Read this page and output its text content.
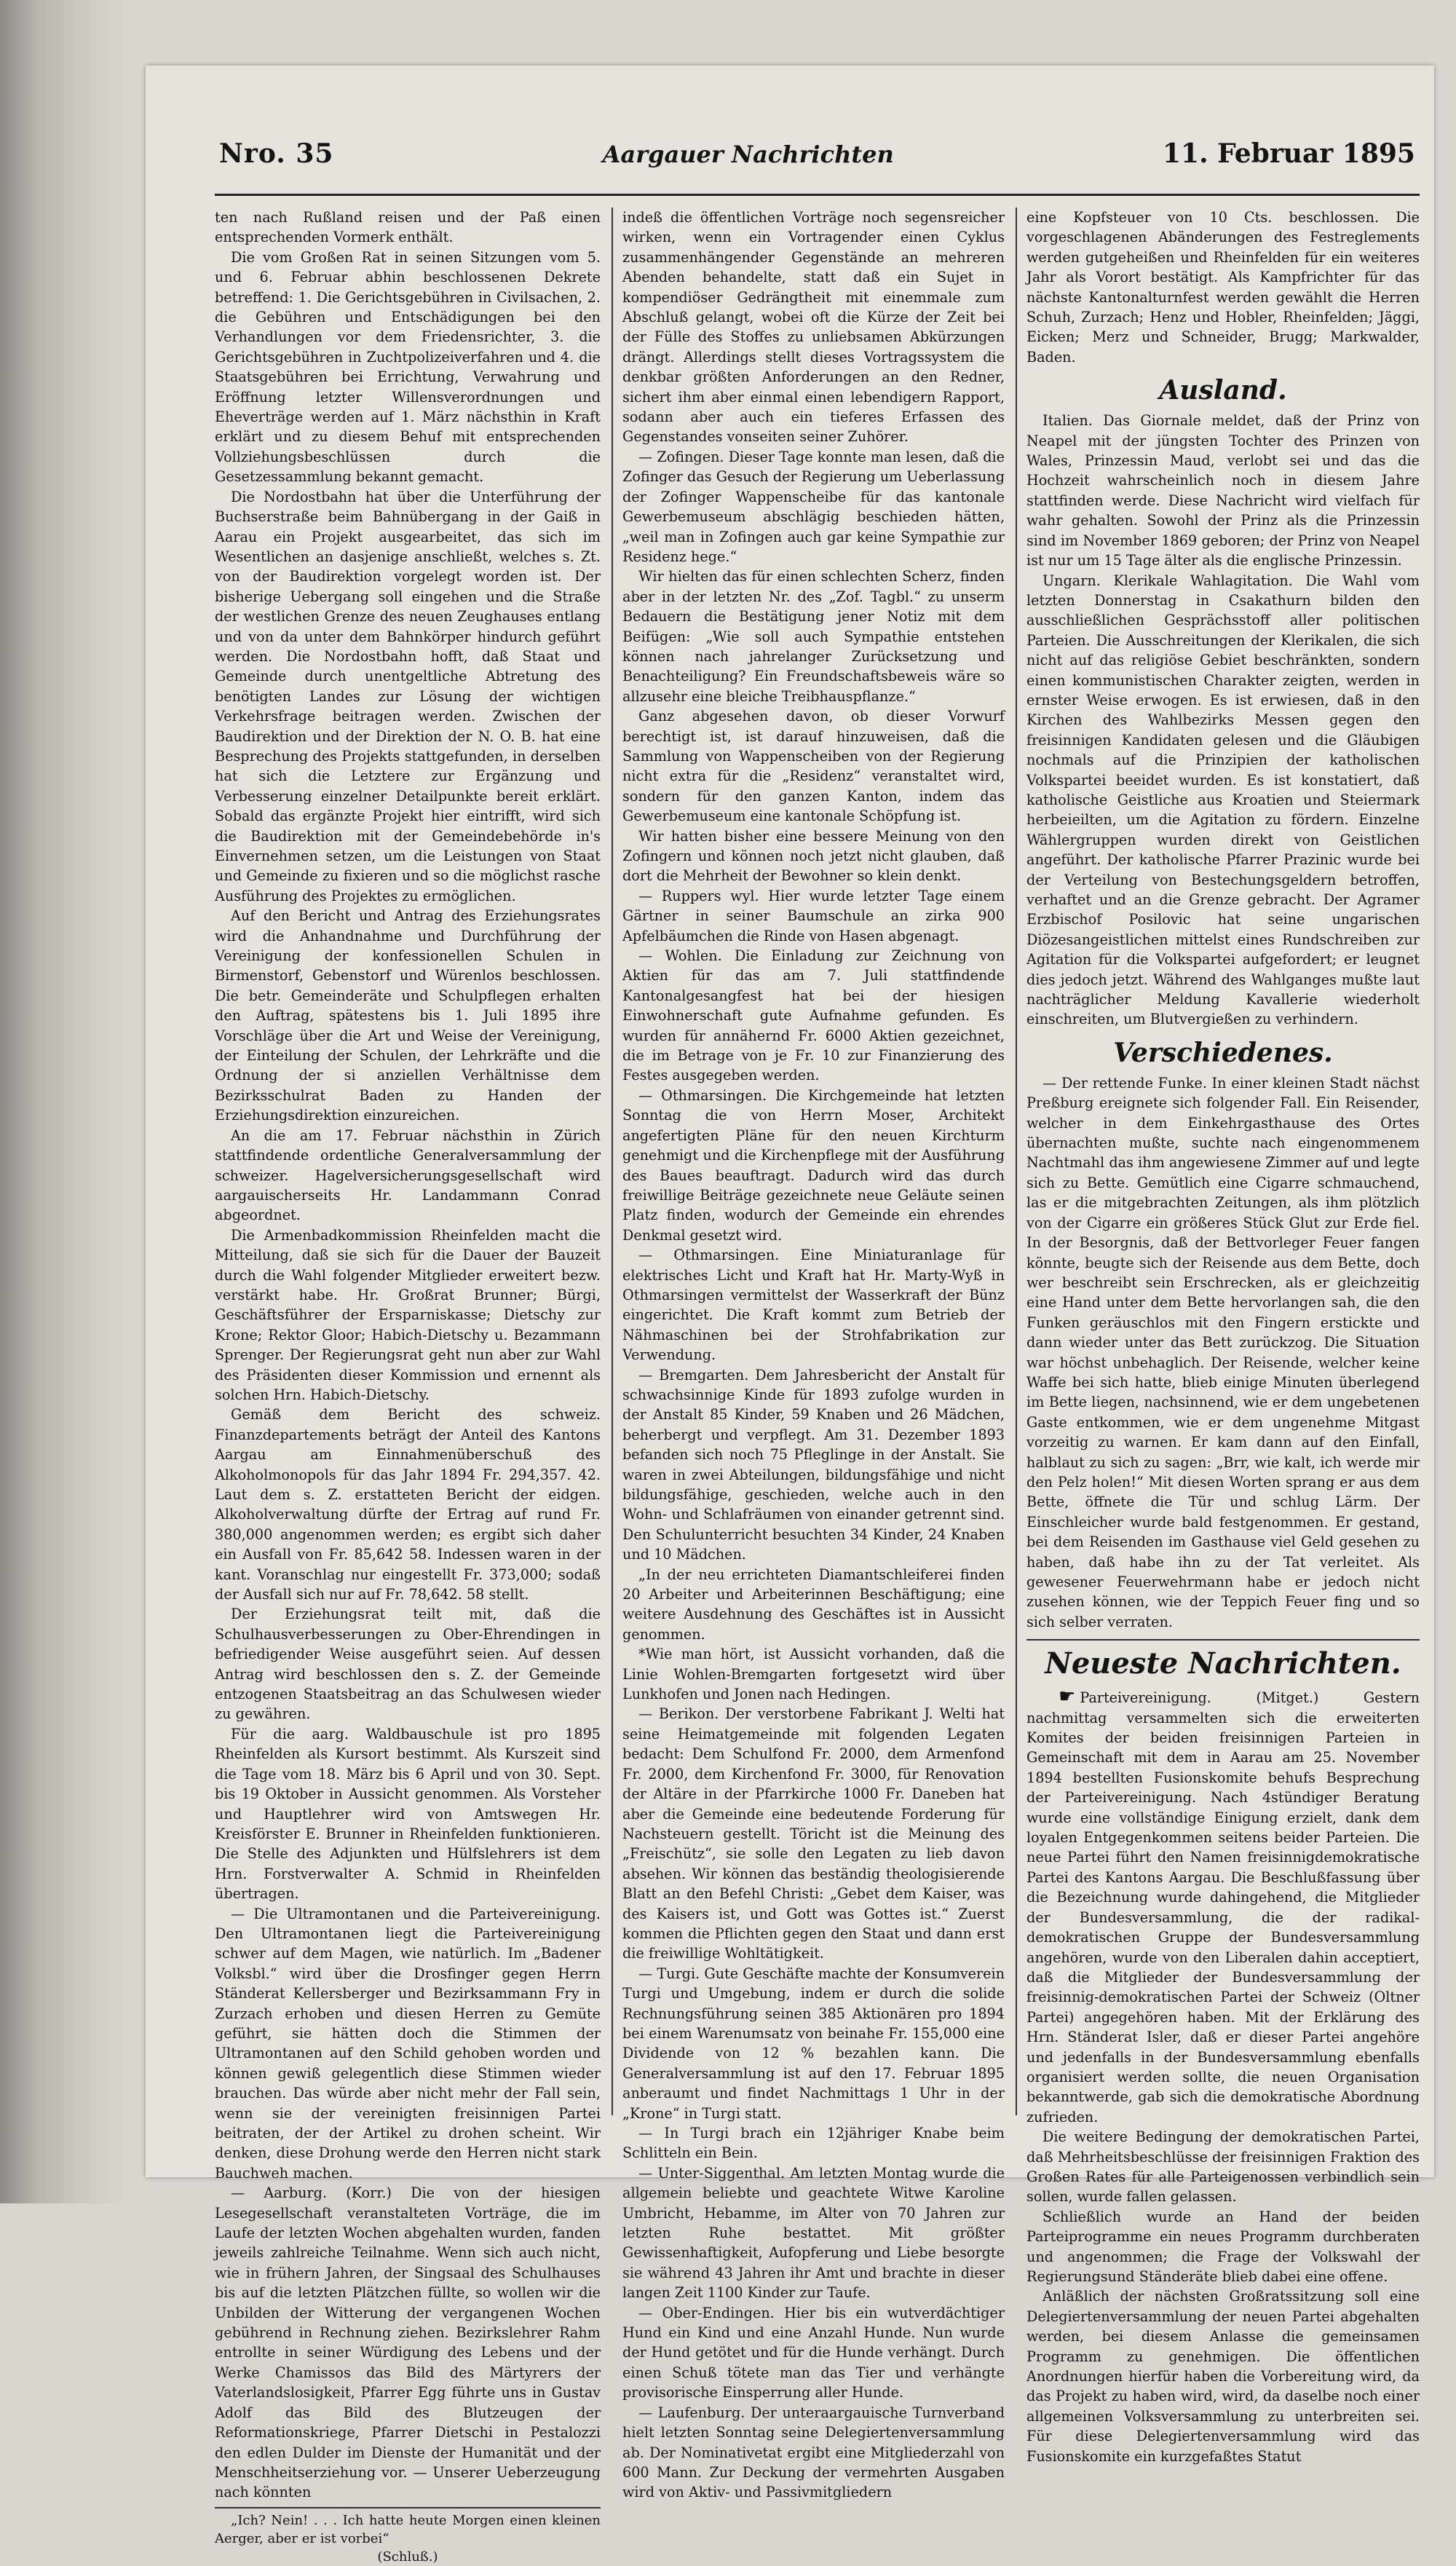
Nro. 35	Aargauer Nachrichten	11. Februar 1895

ten nach Rußland reisen und der Paß einen entsprechenden Vormerk enthält.

Die vom Großen Rat in seinen Sitzungen vom 5. und 6. Februar abhin beschlossenen Dekrete betreffend: 1. Die Gerichtsgebühren in Civilsachen, 2. die Gebühren und Entschädigungen bei den Verhandlungen vor dem Friedensrichter, 3. die Gerichtsgebühren in Zuchtpolizeiverfahren und 4. die Staatsgebühren bei Errichtung, Verwahrung und Eröffnung letzter Willensverordnungen und Eheverträge werden auf 1. März nächsthin in Kraft erklärt und zu diesem Behuf mit entsprechenden Vollziehungsbeschlüssen durch die Gesetzessammlung bekannt gemacht.

Die Nordostbahn hat über die Unterführung der Buchserstraße beim Bahnübergang in der Gaiß in Aarau ein Projekt ausgearbeitet, das sich im Wesentlichen an dasjenige anschließt, welches s. Zt. von der Baudirektion vorgelegt worden ist. Der bisherige Uebergang soll eingehen und die Straße der westlichen Grenze des neuen Zeughauses entlang und von da unter dem Bahnkörper hindurch geführt werden. Die Nordostbahn hofft, daß Staat und Gemeinde durch unentgeltliche Abtretung des benötigten Landes zur Lösung der wichtigen Verkehrsfrage beitragen werden. Zwischen der Baudirektion und der Direktion der N. O. B. hat eine Besprechung des Projekts stattgefunden, in derselben hat sich die Letztere zur Ergänzung und Verbesserung einzelner Detailpunkte bereit erklärt. Sobald das ergänzte Projekt hier eintrifft, wird sich die Baudirektion mit der Gemeindebehörde in's Einvernehmen setzen, um die Leistungen von Staat und Gemeinde zu fixieren und so die möglichst rasche Ausführung des Projektes zu ermöglichen.

Auf den Bericht und Antrag des Erziehungsrates wird die Anhandnahme und Durchführung der Vereinigung der konfessionellen Schulen in Birmenstorf, Gebenstorf und Würenlos beschlossen. Die betr. Gemeinderäte und Schulpflegen erhalten den Auftrag, spätestens bis 1. Juli 1895 ihre Vorschläge über die Art und Weise der Vereinigung, der Einteilung der Schulen, der Lehrkräfte und die Ordnung der si anziellen Verhältnisse dem Bezirksschulrat Baden zu Handen der Erziehungsdirektion einzureichen.

An die am 17. Februar nächsthin in Zürich stattfindende ordentliche Generalversammlung der schweizer. Hagelversicherungsgesellschaft wird aargauischerseits Hr. Landammann Conrad abgeordnet.

Die Armenbadkommission Rheinfelden macht die Mitteilung, daß sie sich für die Dauer der Bauzeit durch die Wahl folgender Mitglieder erweitert bezw. verstärkt habe. Hr. Großrat Brunner; Bürgi, Geschäftsführer der Ersparniskasse; Dietschy zur Krone; Rektor Gloor; Habich-Dietschy u. Bezammann Sprenger. Der Regierungsrat geht nun aber zur Wahl des Präsidenten dieser Kommission und ernennt als solchen Hrn. Habich-Dietschy.

Gemäß dem Bericht des schweiz. Finanzdepartements beträgt der Anteil des Kantons Aargau am Einnahmenüberschuß des Alkoholmonopols für das Jahr 1894 Fr. 294,357. 42. Laut dem s. Z. erstatteten Bericht der eidgen. Alkoholverwaltung dürfte der Ertrag auf rund Fr. 380,000 angenommen werden; es ergibt sich daher ein Ausfall von Fr. 85,642 58. Indessen waren in der kant. Voranschlag nur eingestellt Fr. 373,000; sodaß der Ausfall sich nur auf Fr. 78,642. 58 stellt.

Der Erziehungsrat teilt mit, daß die Schulhausverbesserungen zu Ober-Ehrendingen in befriedigender Weise ausgeführt seien. Auf dessen Antrag wird beschlossen den s. Z. der Gemeinde entzogenen Staatsbeitrag an das Schulwesen wieder zu gewähren.

Für die aarg. Waldbauschule ist pro 1895 Rheinfelden als Kursort bestimmt. Als Kurszeit sind die Tage vom 18. März bis 6 April und von 30. Sept. bis 19 Oktober in Aussicht genommen. Als Vorsteher und Hauptlehrer wird von Amtswegen Hr. Kreisförster E. Brunner in Rheinfelden funktionieren. Die Stelle des Adjunkten und Hülfslehrers ist dem Hrn. Forstverwalter A. Schmid in Rheinfelden übertragen.

— Die Ultramontanen und die Parteivereinigung. Den Ultramontanen liegt die Parteivereinigung schwer auf dem Magen, wie natürlich. Im „Badener Volksbl.“ wird über die Drosfinger gegen Herrn Ständerat Kellersberger und Bezirksammann Fry in Zurzach erhoben und diesen Herren zu Gemüte geführt, sie hätten doch die Stimmen der Ultramontanen auf den Schild gehoben worden und können gewiß gelegentlich diese Stimmen wieder brauchen. Das würde aber nicht mehr der Fall sein, wenn sie der vereinigten freisinnigen Partei beitraten, der der Artikel zu drohen scheint. Wir denken, diese Drohung werde den Herren nicht stark Bauchweh machen.

— Aarburg. (Korr.) Die von der hiesigen Lesegesellschaft veranstalteten Vorträge, die im Laufe der letzten Wochen abgehalten wurden, fanden jeweils zahlreiche Teilnahme. Wenn sich auch nicht, wie in frühern Jahren, der Singsaal des Schulhauses bis auf die letzten Plätzchen füllte, so wollen wir die Unbilden der Witterung der vergangenen Wochen gebührend in Rechnung ziehen. Bezirkslehrer Rahm entrollte in seiner Würdigung des Lebens und der Werke Chamissos das Bild des Märtyrers der Vaterlandslosigkeit, Pfarrer Egg führte uns in Gustav Adolf das Bild des Blutzeugen der Reformationskriege, Pfarrer Dietschi in Pestalozzi den edlen Dulder im Dienste der Humanität und der Menschheitserziehung vor. — Unserer Ueberzeugung nach könnten

„Ich? Nein! . . . Ich hatte heute Morgen einen kleinen Aerger, aber er ist vorbei“

(Schluß.)

indeß die öffentlichen Vorträge noch segensreicher wirken, wenn ein Vortragender einen Cyklus zusammenhängender Gegenstände an mehreren Abenden behandelte, statt daß ein Sujet in kompendiöser Gedrängtheit mit einemmale zum Abschluß gelangt, wobei oft die Kürze der Zeit bei der Fülle des Stoffes zu unliebsamen Abkürzungen drängt. Allerdings stellt dieses Vortragssystem die denkbar größten Anforderungen an den Redner, sichert ihm aber einmal einen lebendigern Rapport, sodann aber auch ein tieferes Erfassen des Gegenstandes vonseiten seiner Zuhörer.

— Zofingen. Dieser Tage konnte man lesen, daß die Zofinger das Gesuch der Regierung um Ueberlassung der Zofinger Wappenscheibe für das kantonale Gewerbemuseum abschlägig beschieden hätten, „weil man in Zofingen auch gar keine Sympathie zur Residenz hege.“

Wir hielten das für einen schlechten Scherz, finden aber in der letzten Nr. des „Zof. Tagbl.“ zu unserm Bedauern die Bestätigung jener Notiz mit dem Beifügen: „Wie soll auch Sympathie entstehen können nach jahrelanger Zurücksetzung und Benachteiligung? Ein Freundschaftsbeweis wäre so allzusehr eine bleiche Treibhauspflanze.“

Ganz abgesehen davon, ob dieser Vorwurf berechtigt ist, ist darauf hinzuweisen, daß die Sammlung von Wappenscheiben von der Regierung nicht extra für die „Residenz“ veranstaltet wird, sondern für den ganzen Kanton, indem das Gewerbemuseum eine kantonale Schöpfung ist.

Wir hatten bisher eine bessere Meinung von den Zofingern und können noch jetzt nicht glauben, daß dort die Mehrheit der Bewohner so klein denkt.

— Ruppers wyl. Hier wurde letzter Tage einem Gärtner in seiner Baumschule an zirka 900 Apfelbäumchen die Rinde von Hasen abgenagt.

— Wohlen. Die Einladung zur Zeichnung von Aktien für das am 7. Juli stattfindende Kantonalgesangfest hat bei der hiesigen Einwohnerschaft gute Aufnahme gefunden. Es wurden für annähernd Fr. 6000 Aktien gezeichnet, die im Betrage von je Fr. 10 zur Finanzierung des Festes ausgegeben werden.

— Othmarsingen. Die Kirchgemeinde hat letzten Sonntag die von Herrn Moser, Architekt angefertigten Pläne für den neuen Kirchturm genehmigt und die Kirchenpflege mit der Ausführung des Baues beauftragt. Dadurch wird das durch freiwillige Beiträge gezeichnete neue Geläute seinen Platz finden, wodurch der Gemeinde ein ehrendes Denkmal gesetzt wird.

— Othmarsingen. Eine Miniaturanlage für elektrisches Licht und Kraft hat Hr. Marty-Wyß in Othmarsingen vermittelst der Wasserkraft der Bünz eingerichtet. Die Kraft kommt zum Betrieb der Nähmaschinen bei der Strohfabrikation zur Verwendung.

— Bremgarten. Dem Jahresbericht der Anstalt für schwachsinnige Kinde für 1893 zufolge wurden in der Anstalt 85 Kinder, 59 Knaben und 26 Mädchen, beherbergt und verpflegt. Am 31. Dezember 1893 befanden sich noch 75 Pfleglinge in der Anstalt. Sie waren in zwei Abteilungen, bildungsfähige und nicht bildungsfähige, geschieden, welche auch in den Wohn- und Schlafräumen von einander getrennt sind. Den Schulunterricht besuchten 34 Kinder, 24 Knaben und 10 Mädchen.

„In der neu errichteten Diamantschleiferei finden 20 Arbeiter und Arbeiterinnen Beschäftigung; eine weitere Ausdehnung des Geschäftes ist in Aussicht genommen.

*Wie man hört, ist Aussicht vorhanden, daß die Linie Wohlen-Bremgarten fortgesetzt wird über Lunkhofen und Jonen nach Hedingen.

— Berikon. Der verstorbene Fabrikant J. Welti hat seine Heimatgemeinde mit folgenden Legaten bedacht: Dem Schulfond Fr. 2000, dem Armenfond Fr. 2000, dem Kirchenfond Fr. 3000, für Renovation der Altäre in der Pfarrkirche 1000 Fr. Daneben hat aber die Gemeinde eine bedeutende Forderung für Nachsteuern gestellt. Töricht ist die Meinung des „Freischütz“, sie solle den Legaten zu lieb davon absehen. Wir können das beständig theologisierende Blatt an den Befehl Christi: „Gebet dem Kaiser, was des Kaisers ist, und Gott was Gottes ist.“ Zuerst kommen die Pflichten gegen den Staat und dann erst die freiwillige Wohltätigkeit.

— Turgi. Gute Geschäfte machte der Konsumverein Turgi und Umgebung, indem er durch die solide Rechnungsführung seinen 385 Aktionären pro 1894 bei einem Warenumsatz von beinahe Fr. 155,000 eine Dividende von 12 % bezahlen kann. Die Generalversammlung ist auf den 17. Februar 1895 anberaumt und findet Nachmittags 1 Uhr in der „Krone“ in Turgi statt.

— In Turgi brach ein 12jähriger Knabe beim Schlitteln ein Bein.

— Unter-Siggenthal. Am letzten Montag wurde die allgemein beliebte und geachtete Witwe Karoline Umbricht, Hebamme, im Alter von 70 Jahren zur letzten Ruhe bestattet. Mit größter Gewissenhaftigkeit, Aufopferung und Liebe besorgte sie während 43 Jahren ihr Amt und brachte in dieser langen Zeit 1100 Kinder zur Taufe.

— Ober-Endingen. Hier bis ein wutverdächtiger Hund ein Kind und eine Anzahl Hunde. Nun wurde der Hund getötet und für die Hunde verhängt. Durch einen Schuß tötete man das Tier und verhängte provisorische Einsperrung aller Hunde.

— Laufenburg. Der unteraargauische Turnverband hielt letzten Sonntag seine Delegiertenversammlung ab. Der Nominativetat ergibt eine Mitgliederzahl von 600 Mann. Zur Deckung der vermehrten Ausgaben wird von Aktiv- und Passivmitgliedern

eine Kopfsteuer von 10 Cts. beschlossen. Die vorgeschlagenen Abänderungen des Festreglements werden gutgeheißen und Rheinfelden für ein weiteres Jahr als Vorort bestätigt. Als Kampfrichter für das nächste Kantonalturnfest werden gewählt die Herren Schuh, Zurzach; Henz und Hobler, Rheinfelden; Jäggi, Eicken; Merz und Schneider, Brugg; Markwalder, Baden.

Ausland.

Italien. Das Giornale meldet, daß der Prinz von Neapel mit der jüngsten Tochter des Prinzen von Wales, Prinzessin Maud, verlobt sei und das die Hochzeit wahrscheinlich noch in diesem Jahre stattfinden werde. Diese Nachricht wird vielfach für wahr gehalten. Sowohl der Prinz als die Prinzessin sind im November 1869 geboren; der Prinz von Neapel ist nur um 15 Tage älter als die englische Prinzessin.

Ungarn. Klerikale Wahlagitation. Die Wahl vom letzten Donnerstag in Csakathurn bilden den ausschließlichen Gesprächsstoff aller politischen Parteien. Die Ausschreitungen der Klerikalen, die sich nicht auf das religiöse Gebiet beschränkten, sondern einen kommunistischen Charakter zeigten, werden in ernster Weise erwogen. Es ist erwiesen, daß in den Kirchen des Wahlbezirks Messen gegen den freisinnigen Kandidaten gelesen und die Gläubigen nochmals auf die Prinzipien der katholischen Volkspartei beeidet wurden. Es ist konstatiert, daß katholische Geistliche aus Kroatien und Steiermark herbeieilten, um die Agitation zu fördern. Einzelne Wählergruppen wurden direkt von Geistlichen angeführt. Der katholische Pfarrer Prazinic wurde bei der Verteilung von Bestechungsgeldern betroffen, verhaftet und an die Grenze gebracht. Der Agramer Erzbischof Posilovic hat seine ungarischen Diözesangeistlichen mittelst eines Rundschreiben zur Agitation für die Volkspartei aufgefordert; er leugnet dies jedoch jetzt. Während des Wahlganges mußte laut nachträglicher Meldung Kavallerie wiederholt einschreiten, um Blutvergießen zu verhindern.

Verschiedenes.

— Der rettende Funke. In einer kleinen Stadt nächst Preßburg ereignete sich folgender Fall. Ein Reisender, welcher in dem Einkehrgasthause des Ortes übernachten mußte, suchte nach eingenommenem Nachtmahl das ihm angewiesene Zimmer auf und legte sich zu Bette. Gemütlich eine Cigarre schmauchend, las er die mitgebrachten Zeitungen, als ihm plötzlich von der Cigarre ein größeres Stück Glut zur Erde fiel. In der Besorgnis, daß der Bettvorleger Feuer fangen könnte, beugte sich der Reisende aus dem Bette, doch wer beschreibt sein Erschrecken, als er gleichzeitig eine Hand unter dem Bette hervorlangen sah, die den Funken geräuschlos mit den Fingern erstickte und dann wieder unter das Bett zurückzog. Die Situation war höchst unbehaglich. Der Reisende, welcher keine Waffe bei sich hatte, blieb einige Minuten überlegend im Bette liegen, nachsinnend, wie er dem ungebetenen Gaste entkommen, wie er dem ungenehme Mitgast vorzeitig zu warnen. Er kam dann auf den Einfall, halblaut zu sich zu sagen: „Brr, wie kalt, ich werde mir den Pelz holen!“ Mit diesen Worten sprang er aus dem Bette, öffnete die Tür und schlug Lärm. Der Einschleicher wurde bald festgenommen. Er gestand, bei dem Reisenden im Gasthause viel Geld gesehen zu haben, daß habe ihn zu der Tat verleitet. Als gewesener Feuerwehrmann habe er jedoch nicht zusehen können, wie der Teppich Feuer fing und so sich selber verraten.

Neueste Nachrichten.

☛ Parteivereinigung. (Mitget.) Gestern nachmittag versammelten sich die erweiterten Komites der beiden freisinnigen Parteien in Gemeinschaft mit dem in Aarau am 25. November 1894 bestellten Fusionskomite behufs Besprechung der Parteivereinigung. Nach 4stündiger Beratung wurde eine vollständige Einigung erzielt, dank dem loyalen Entgegenkommen seitens beider Parteien. Die neue Partei führt den Namen freisinnigdemokratische Partei des Kantons Aargau. Die Beschlußfassung über die Bezeichnung wurde dahingehend, die Mitglieder der Bundesversammlung, die der radikal-demokratischen Gruppe der Bundesversammlung angehören, wurde von den Liberalen dahin acceptiert, daß die Mitglieder der Bundesversammlung der freisinnig-demokratischen Partei der Schweiz (Oltner Partei) angegehören haben. Mit der Erklärung des Hrn. Ständerat Isler, daß er dieser Partei angehöre und jedenfalls in der Bundesversammlung ebenfalls organisiert werden sollte, die neuen Organisation bekanntwerde, gab sich die demokratische Abordnung zufrieden.

Die weitere Bedingung der demokratischen Partei, daß Mehrheitsbeschlüsse der freisinnigen Fraktion des Großen Rates für alle Parteigenossen verbindlich sein sollen, wurde fallen gelassen.

Schließlich wurde an Hand der beiden Parteiprogramme ein neues Programm durchberaten und angenommen; die Frage der Volkswahl der Regierungsund Ständeräte blieb dabei eine offene.

Anläßlich der nächsten Großratssitzung soll eine Delegiertenversammlung der neuen Partei abgehalten werden, bei diesem Anlasse die gemeinsamen Programm zu genehmigen. Die öffentlichen Anordnungen hierfür haben die Vorbereitung wird, da das Projekt zu haben wird, wird, da daselbe noch einer allgemeinen Volksversammlung zu unterbreiten sei. Für diese Delegiertenversammlung wird das Fusionskomite ein kurzgefaßtes Statut
